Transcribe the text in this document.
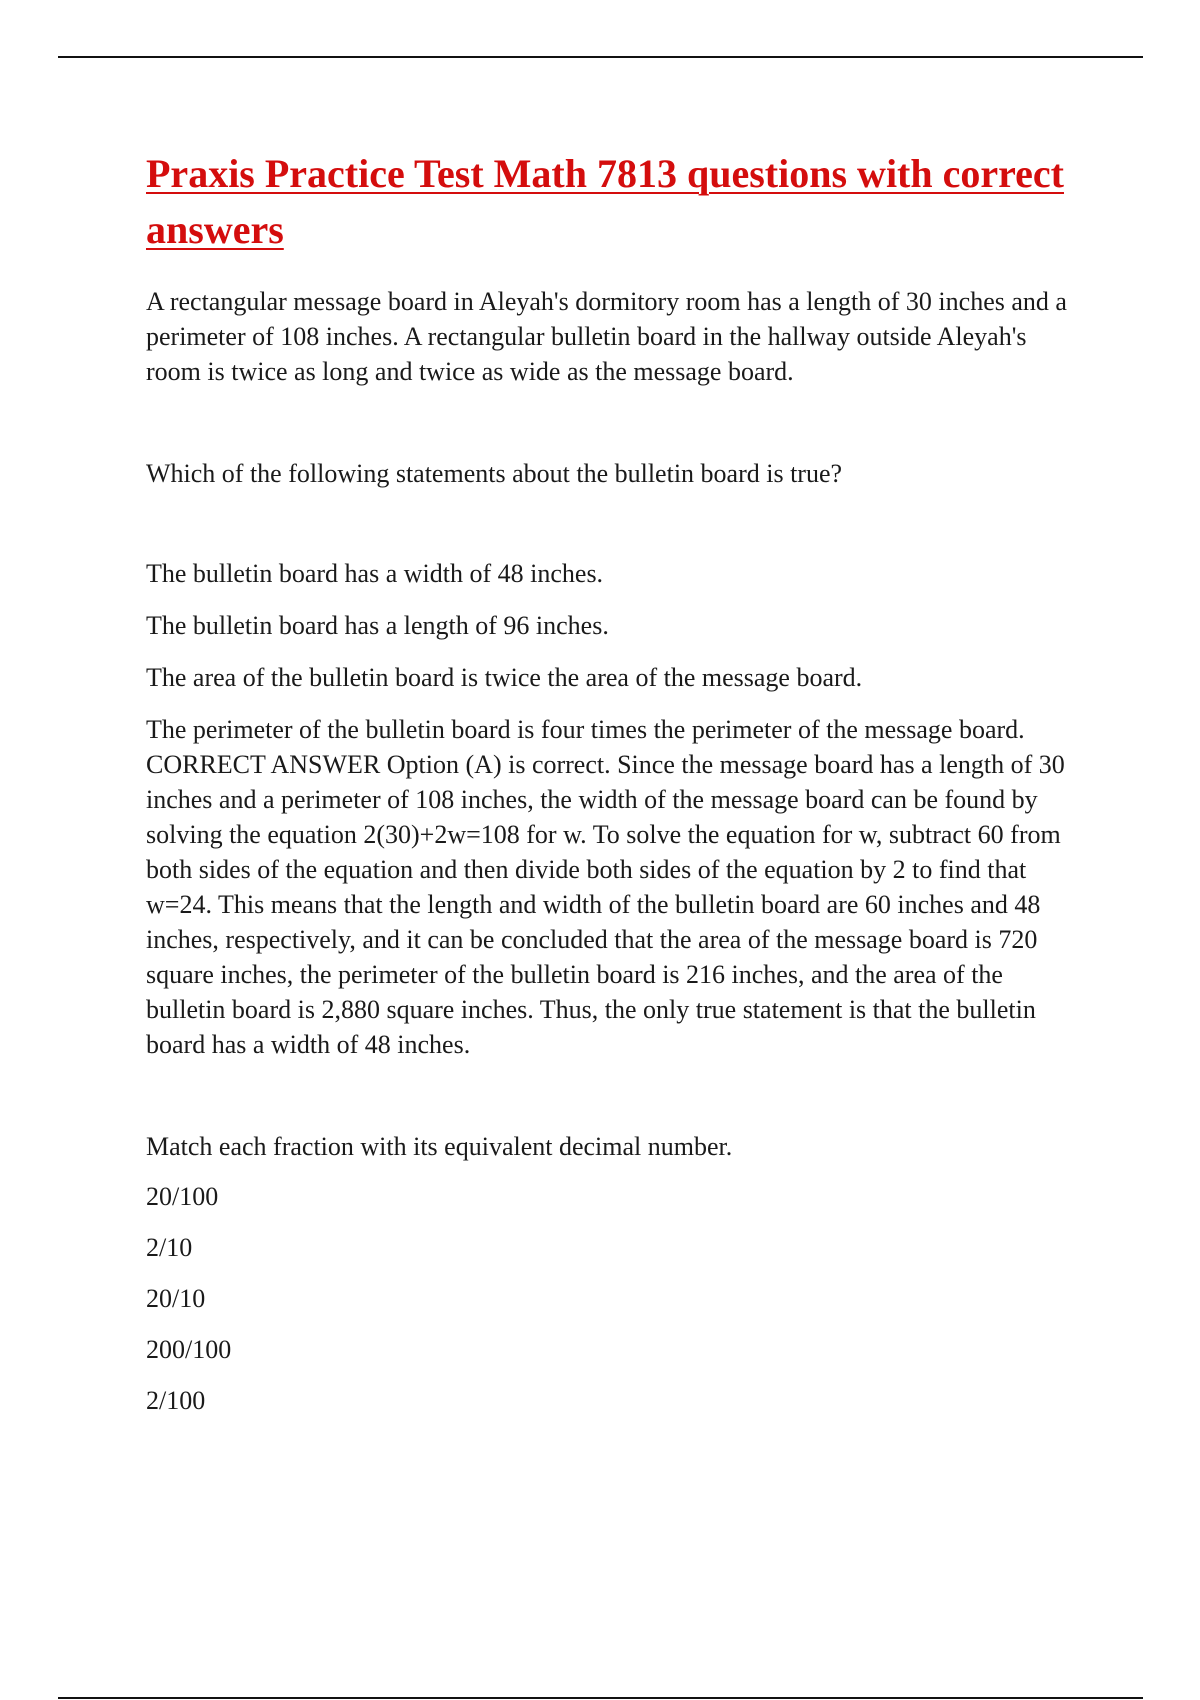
Praxis Practice Test Math 7813 questions with correct answers

A rectangular message board in Aleyah's dormitory room has a length of 30 inches and a perimeter of 108 inches. A rectangular bulletin board in the hallway outside Aleyah's room is twice as long and twice as wide as the message board.

Which of the following statements about the bulletin board is true?

The bulletin board has a width of 48 inches.

The bulletin board has a length of 96 inches.

The area of the bulletin board is twice the area of the message board.

The perimeter of the bulletin board is four times the perimeter of the message board. CORRECT ANSWER Option (A) is correct. Since the message board has a length of 30 inches and a perimeter of 108 inches, the width of the message board can be found by solving the equation 2(30)+2w=108 for w. To solve the equation for w, subtract 60 from both sides of the equation and then divide both sides of the equation by 2 to find that w=24. This means that the length and width of the bulletin board are 60 inches and 48 inches, respectively, and it can be concluded that the area of the message board is 720 square inches, the perimeter of the bulletin board is 216 inches, and the area of the bulletin board is 2,880 square inches. Thus, the only true statement is that the bulletin board has a width of 48 inches.

Match each fraction with its equivalent decimal number.

20/100

2/10

20/10

200/100

2/100
